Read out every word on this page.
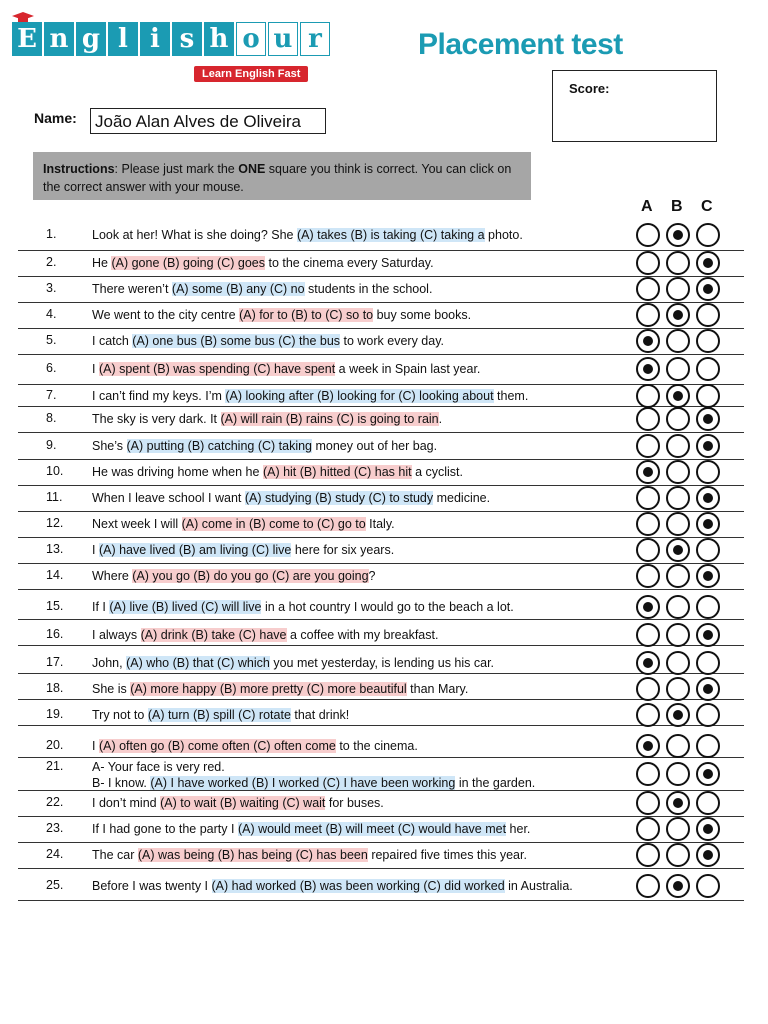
E n g l i s h o u r
Learn English Fast
Placement test
Score:
Name: João Alan Alves de Oliveira
Instructions: Please just mark the ONE square you think is correct. You can click on the correct answer with your mouse.
A B C
1.	Look at her! What is she doing? She (A) takes (B) is taking (C) taking a photo.
2.	He (A) gone (B) going (C) goes to the cinema every Saturday.
3.	There weren’t (A) some (B) any (C) no students in the school.
4.	We went to the city centre (A) for to (B) to (C) so to buy some books.
5.	I catch (A) one bus (B) some bus (C) the bus to work every day.
6.	I (A) spent (B) was spending (C) have spent a week in Spain last year.
7.	I can’t find my keys. I’m (A) looking after (B) looking for (C) looking about them.
8.	The sky is very dark. It (A) will rain (B) rains (C) is going to rain.
9.	She’s (A) putting (B) catching (C) taking money out of her bag.
10. He was driving home when he (A) hit (B) hitted (C) has hit a cyclist.
11. When I leave school I want (A) studying (B) study (C) to study medicine.
12. Next week I will (A) come in (B) come to (C) go to Italy.
13. I (A) have lived (B) am living (C) live here for six years.
14. Where (A) you go (B) do you go (C) are you going?
15. If I (A) live (B) lived (C) will live in a hot country I would go to the beach a lot.
16. I always (A) drink (B) take (C) have a coffee with my breakfast.
17. John, (A) who (B) that (C) which you met yesterday, is lending us his car.
18. She is (A) more happy (B) more pretty (C) more beautiful than Mary.
19. Try not to (A) turn (B) spill (C) rotate that drink!
20. I (A) often go (B) come often (C) often come to the cinema.
21. A- Your face is very red.
B- I know. (A) I have worked (B) I worked (C) I have been working in the garden.
22. I don’t mind (A) to wait (B) waiting (C) wait for buses.
23. If I had gone to the party I (A) would meet (B) will meet (C) would have met her.
24. The car (A) was being (B) has being (C) has been repaired five times this year.
25. Before I was twenty I (A) had worked (B) was been working (C) did worked in Australia.
